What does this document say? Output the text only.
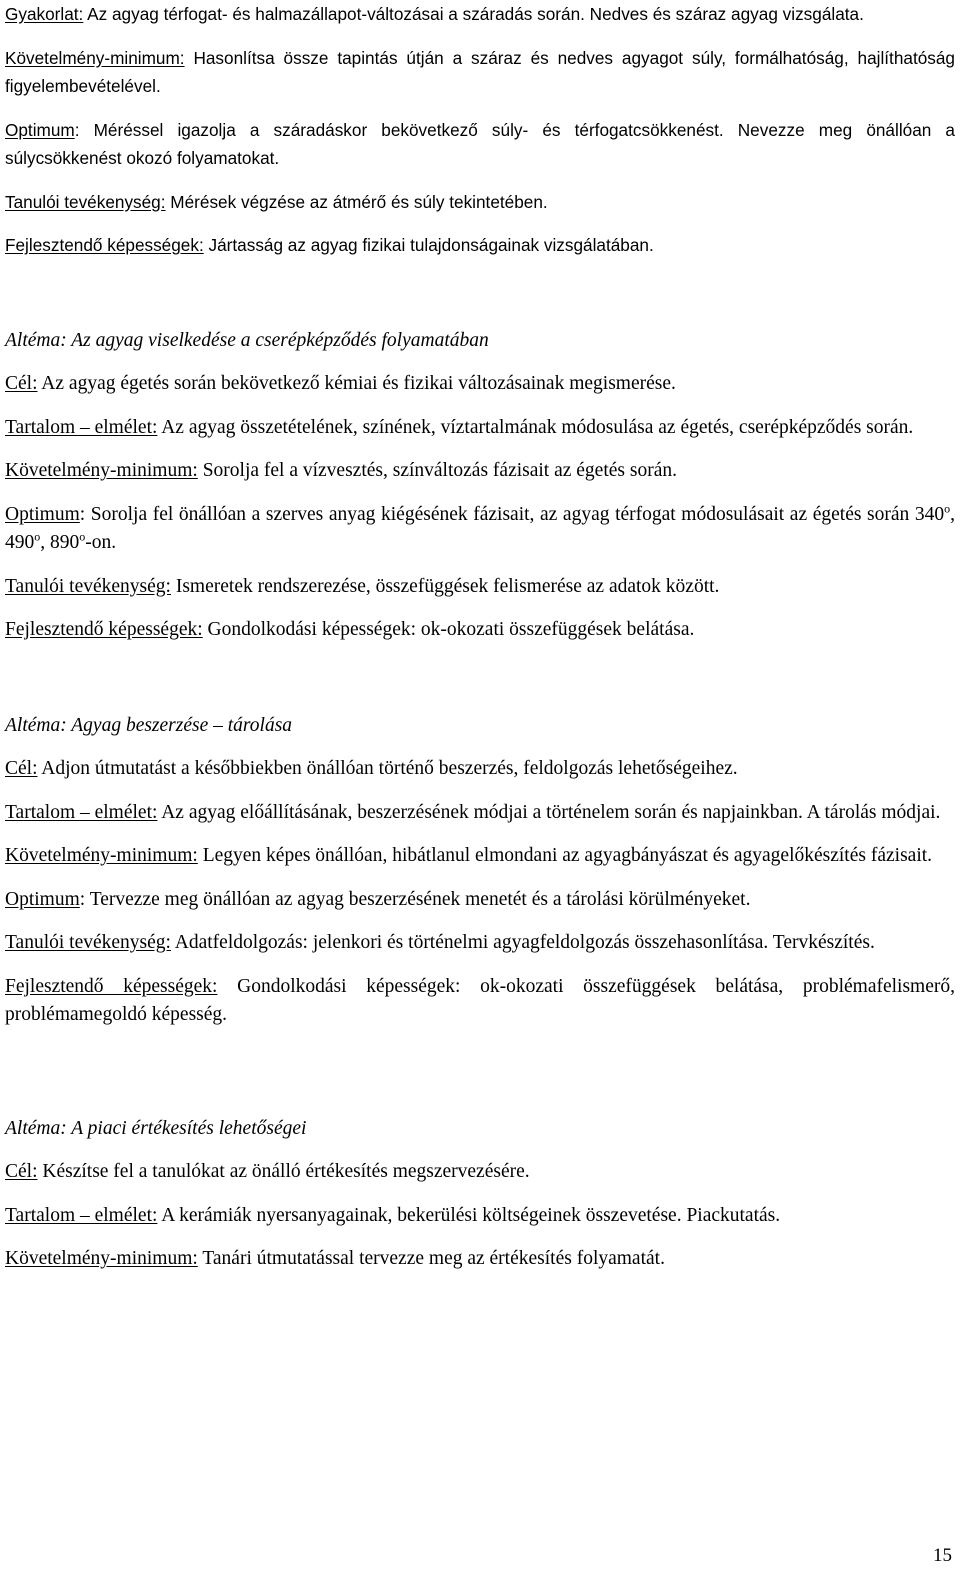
Gyakorlat: Az agyag térfogat- és halmazállapot-változásai a száradás során. Nedves és száraz agyag vizsgálata.

Követelmény-minimum: Hasonlítsa össze tapintás útján a száraz és nedves agyagot súly, formálhatóság, hajlíthatóság figyelembevételével.

Optimum: Méréssel igazolja a száradáskor bekövetkező súly- és térfogatcsökkenést. Nevezze meg önállóan a súlycsökkenést okozó folyamatokat.

Tanulói tevékenység: Mérések végzése az átmérő és súly tekintetében.

Fejlesztendő képességek: Jártasság az agyag fizikai tulajdonságainak vizsgálatában.

Altéma: Az agyag viselkedése a cserépképződés folyamatában

Cél: Az agyag égetés során bekövetkező kémiai és fizikai változásainak megismerése.

Tartalom – elmélet: Az agyag összetételének, színének, víztartalmának módosulása az égetés, cserépképződés során.

Követelmény-minimum: Sorolja fel a vízvesztés, színváltozás fázisait az égetés során.

Optimum: Sorolja fel önállóan a szerves anyag kiégésének fázisait, az agyag térfogat módosulásait az égetés során 340$^o$, 490$^o$, 890$^o$-on.

Tanulói tevékenység: Ismeretek rendszerezése, összefüggések felismerése az adatok között.

Fejlesztendő képességek: Gondolkodási képességek: ok-okozati összefüggések belátása.

Altéma: Agyag beszerzése – tárolása

Cél: Adjon útmutatást a későbbiekben önállóan történő beszerzés, feldolgozás lehetőségeihez.

Tartalom – elmélet: Az agyag előállításának, beszerzésének módjai a történelem során és napjainkban. A tárolás módjai.

Követelmény-minimum: Legyen képes önállóan, hibátlanul elmondani az agyagbányászat és agyagelőkészítés fázisait.

Optimum: Tervezze meg önállóan az agyag beszerzésének menetét és a tárolási körülményeket.

Tanulói tevékenység: Adatfeldolgozás: jelenkori és történelmi agyagfeldolgozás összehasonlítása. Tervkészítés.

Fejlesztendő képességek: Gondolkodási képességek: ok-okozati összefüggések belátása, problémafelismerő, problémamegoldó képesség.

Altéma: A piaci értékesítés lehetőségei

Cél: Készítse fel a tanulókat az önálló értékesítés megszervezésére.

Tartalom – elmélet: A kerámiák nyersanyagainak, bekerülési költségeinek összevetése. Piackutatás.

Követelmény-minimum: Tanári útmutatással tervezze meg az értékesítés folyamatát.

15
